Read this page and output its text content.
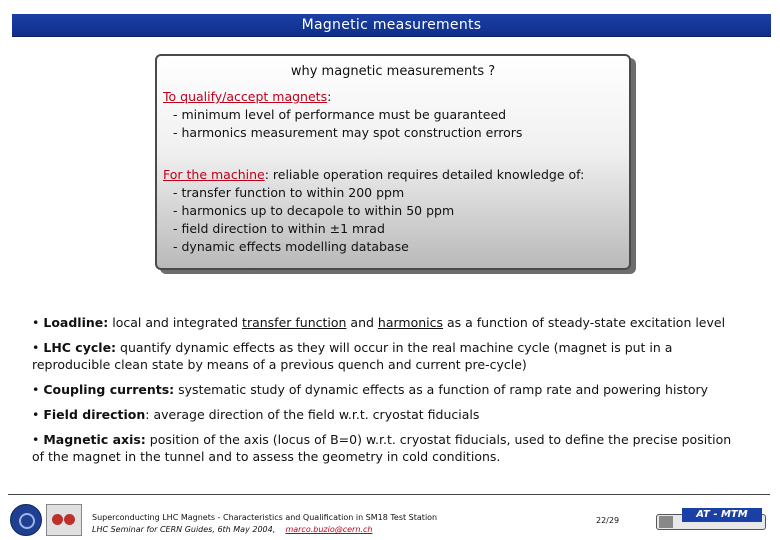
Magnetic measurements
why magnetic measurements ?
To qualify/accept magnets:
- minimum level of performance must be guaranteed
- harmonics measurement may spot construction errors
For the machine: reliable operation requires detailed knowledge of:
- transfer function to within 200 ppm
- harmonics up to decapole to within 50 ppm
- field direction to within ±1 mrad
- dynamic effects modelling database
• Loadline: local and integrated transfer function and harmonics as a function of steady-state excitation level
• LHC cycle: quantify dynamic effects as they will occur in the real machine cycle (magnet is put in a reproducible clean state by means of a previous quench and current pre-cycle)
• Coupling currents: systematic study of dynamic effects as a function of ramp rate and powering history
• Field direction: average direction of the field w.r.t. cryostat fiducials
• Magnetic axis: position of the axis (locus of B=0) w.r.t. cryostat fiducials, used to define the precise position of the magnet in the tunnel and to assess the geometry in cold conditions.
Superconducting LHC Magnets - Characteristics and Qualification in SM18 Test Station
LHC Seminar for CERN Guides, 6th May 2004, marco.buzio@cern.ch
22/29
AT - MTM
